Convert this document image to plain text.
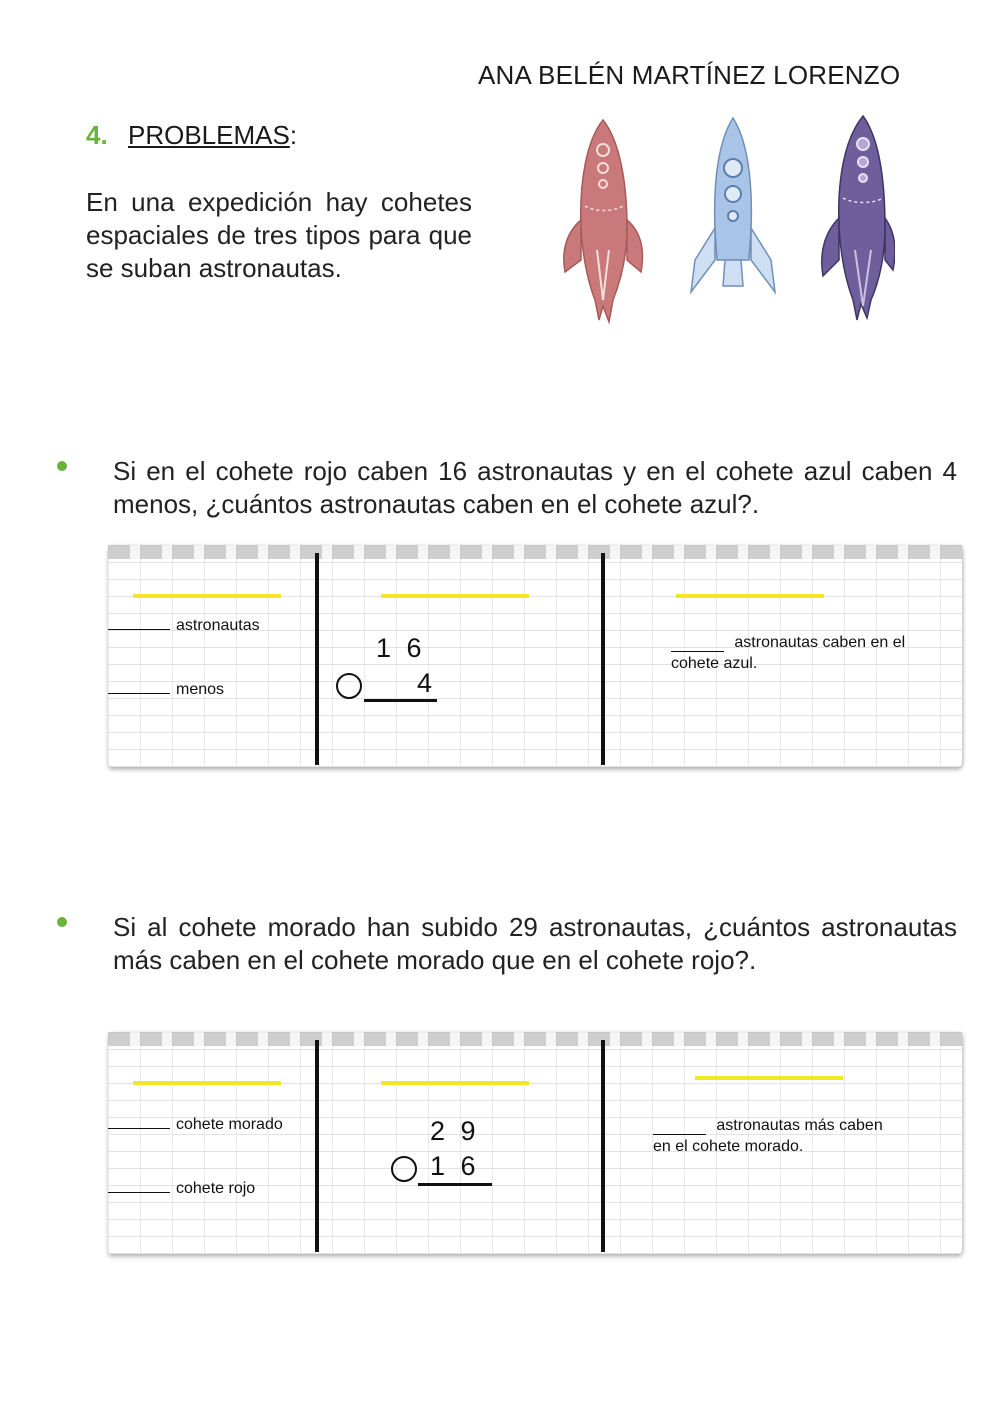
ANA BELÉN MARTÍNEZ LORENZO
4. PROBLEMAS:
En una expedición hay cohetes espaciales de tres tipos para que se suban astronautas.
Si en el cohete rojo caben 16 astronautas y en el cohete azul caben 4 menos, ¿cuántos astronautas caben en el cohete azul?.
astronautas
menos
1 6
4
______ astronautas caben en el
cohete azul.
Si al cohete morado han subido 29 astronautas, ¿cuántos astronautas más caben en el cohete morado que en el cohete rojo?.
cohete morado
cohete rojo
2 9
1 6
______ astronautas más caben
en el cohete morado.
